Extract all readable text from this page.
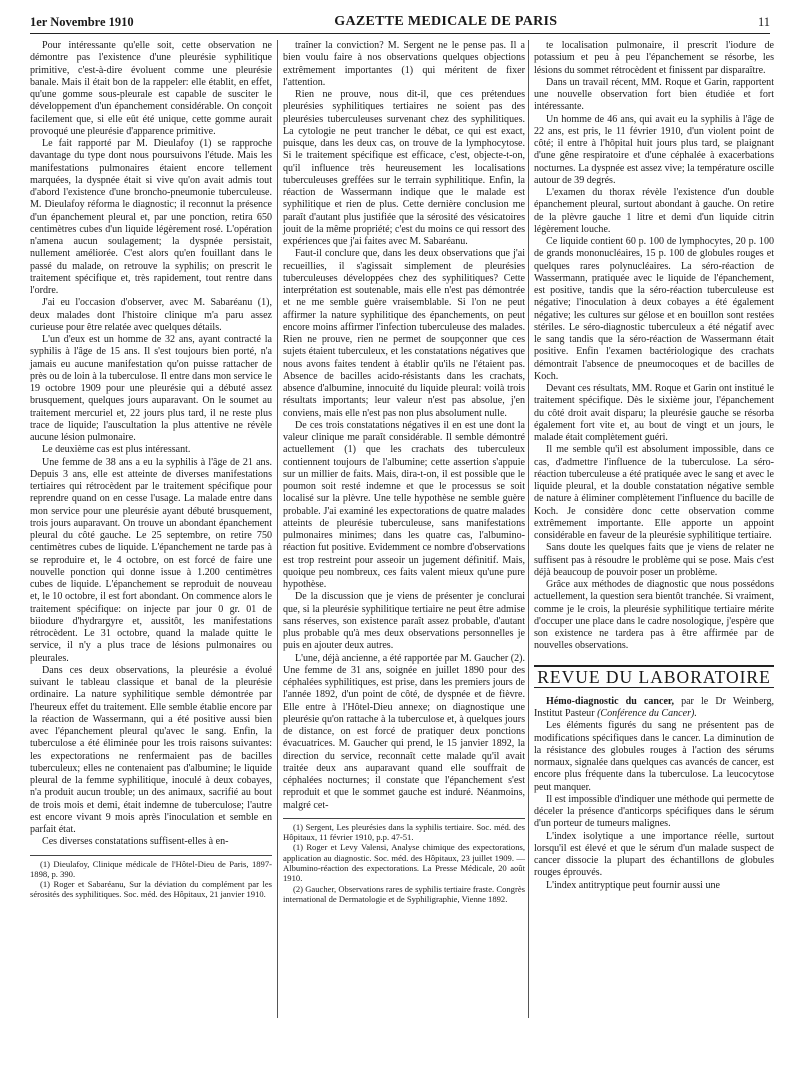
1er Novembre 1910	GAZETTE MEDICALE DE PARIS	11

Pour intéressante qu'elle soit, cette observation ne démontre pas l'existence d'une pleurésie syphilitique primitive, c'est-à-dire évoluent comme une pleurésie banale. Mais il était bon de la rappeler: elle établit, en effet, qu'une gomme sous-pleurale est capable de susciter le développement d'un épanchement considérable. On conçoit facilement que, si elle eût été unique, cette gomme aurait provoqué une pleurésie d'apparence primitive.

Le fait rapporté par M. Dieulafoy (1) se rapproche davantage du type dont nous poursuivons l'étude. Mais les manifestations pulmonaires étaient encore tellement marquées, la dyspnée était si vive qu'on avait admis tout d'abord l'existence d'une broncho-pneumonie tuberculeuse. M. Dieulafoy réforma le diagnostic; il reconnut la présence d'un épanchement pleural et, par une ponction, retira 650 centimètres cubes d'un liquide légèrement rosé. L'opération n'amena aucun soulagement; la dyspnée persistait, nullement améliorée. C'est alors qu'en fouillant dans le passé du malade, on retrouve la syphilis; on prescrit le traitement spécifique et, très rapidement, tout rentre dans l'ordre.

J'ai eu l'occasion d'observer, avec M. Sabaréanu (1), deux malades dont l'histoire clinique m'a paru assez curieuse pour être relatée avec quelques détails.

L'un d'eux est un homme de 32 ans, ayant contracté la syphilis à l'âge de 15 ans. Il s'est toujours bien porté, n'a jamais eu aucune manifestation qu'on puisse rattacher de près ou de loin à la tuberculose. Il entre dans mon service le 19 octobre 1909 pour une pleurésie qui a débuté assez brusquement, quelques jours auparavant. On le soumet au traitement mercuriel et, 22 jours plus tard, il ne reste plus trace de liquide; l'auscultation la plus attentive ne révèle aucune lésion pulmonaire.

Le deuxième cas est plus intéressant.

Une femme de 38 ans a eu la syphilis à l'âge de 21 ans. Depuis 3 ans, elle est atteinte de diverses manifestations tertiaires qui rétrocèdent par le traitement spécifique pour reprendre quand on en cesse l'usage. La malade entre dans mon service pour une pleurésie ayant débuté brusquement, trois jours auparavant. On trouve un abondant épanchement pleural du côté gauche. Le 25 septembre, on retire 750 centimètres cubes de liquide. L'épanchement ne tarde pas à se reproduire et, le 4 octobre, on est forcé de faire une nouvelle ponction qui donne issue à 1.200 centimètres cubes de liquide. L'épanchement se reproduit de nouveau et, le 10 octobre, il est fort abondant. On commence alors le traitement spécifique: on injecte par jour 0 gr. 01 de biiodure d'hydrargyre et, aussitôt, les manifestations rétrocèdent. Le 31 octobre, quand la malade quitte le service, il n'y a plus trace de lésions pulmonaires ou pleurales.

Dans ces deux observations, la pleurésie a évolué suivant le tableau classique et banal de la pleurésie ordinaire. La nature syphilitique semble démontrée par l'heureux effet du traitement. Elle semble établie encore par la réaction de Wassermann, qui a été positive aussi bien avec l'épanchement pleural qu'avec le sang. Enfin, la tuberculose a été éliminée pour les trois raisons suivantes: les expectorations ne renfermaient pas de bacilles tuberculeux; elles ne contenaient pas d'albumine; le liquide pleural de la femme syphilitique, inoculé à deux cobayes, n'a produit aucun trouble; un des animaux, sacrifié au bout de trois mois et demi, était indemne de tuberculose; l'autre est encore vivant 9 mois après l'inoculation et semble en parfait état.

Ces diverses constatations suffisent-elles à en-

(1) Dieulafoy, Clinique médicale de l'Hôtel-Dieu de Paris, 1897-1898, p. 390.

(1) Roger et Sabaréanu, Sur la déviation du complément par les sérosités des syphilitiques. Soc. méd. des Hôpitaux, 21 janvier 1910.

traîner la conviction? M. Sergent ne le pense pas. Il a bien voulu faire à nos observations quelques objections extrêmement importantes (1) qui méritent de fixer l'attention.

Rien ne prouve, nous dit-il, que ces prétendues pleurésies syphilitiques tertiaires ne soient pas des pleurésies tuberculeuses survenant chez des syphilitiques. La cytologie ne peut trancher le débat, ce qui est exact, puisque, dans les deux cas, on trouve de la lymphocytose. Si le traitement spécifique est efficace, c'est, objecte-t-on, qu'il influence très heureusement les localisations tuberculeuses greffées sur le terrain syphilitique. Enfin, la réaction de Wassermann indique que le malade est syphilitique et rien de plus. Cette dernière conclusion me paraît d'autant plus justifiée que la sérosité des vésicatoires jouit de la même propriété; c'est du moins ce qui ressort des expériences que j'ai faites avec M. Sabaréanu.

Faut-il conclure que, dans les deux observations que j'ai recueillies, il s'agissait simplement de pleurésies tuberculeuses développées chez des syphilitiques? Cette interprétation est soutenable, mais elle n'est pas démontrée et ne me semble guère vraisemblable. Si l'on ne peut affirmer la nature syphilitique des épanchements, on peut encore moins affirmer l'infection tuberculeuse des malades. Rien ne prouve, rien ne permet de soupçonner que ces sujets étaient tuberculeux, et les constatations négatives que nous avons faites tendent à établir qu'ils ne l'étaient pas. Absence de bacilles acido-résistants dans les crachats, absence d'albumine, innocuité du liquide pleural: voilà trois résultats importants; leur valeur n'est pas absolue, j'en conviens, mais elle n'est pas non plus absolument nulle.

De ces trois constatations négatives il en est une dont la valeur clinique me paraît considérable. Il semble démontré actuellement (1) que les crachats des tuberculeux contiennent toujours de l'albumine; cette assertion s'appuie sur un millier de faits. Mais, dira-t-on, il est possible que le poumon soit resté indemne et que le processus se soit localisé sur la plèvre. Une telle hypothèse ne semble guère probable. J'ai examiné les expectorations de quatre malades atteints de pleurésie tuberculeuse, sans manifestations pulmonaires minimes; dans les quatre cas, l'albumino-réaction fut positive. Evidemment ce nombre d'observations est trop restreint pour asseoir un jugement définitif. Mais, quoique peu nombreux, ces faits valent mieux qu'une pure hypothèse.

De la discussion que je viens de présenter je conclurai que, si la pleurésie syphilitique tertiaire ne peut être admise sans réserves, son existence paraît assez probable, d'autant plus probable qu'à mes deux observations personnelles je puis en ajouter deux autres.

L'une, déjà ancienne, a été rapportée par M. Gaucher (2). Une femme de 31 ans, soignée en juillet 1890 pour des céphalées syphilitiques, est prise, dans les premiers jours de l'année 1892, d'un point de côté, de dyspnée et de fièvre. Elle entre à l'Hôtel-Dieu annexe; on diagnostique une pleurésie qu'on rattache à la tuberculose et, à quelques jours de distance, on est forcé de pratiquer deux ponctions évacuatrices. M. Gaucher qui prend, le 15 janvier 1892, la direction du service, reconnaît cette malade qu'il avait traitée deux ans auparavant quand elle souffrait de céphalées nocturnes; il constate que l'épanchement s'est reproduit et que le sommet gauche est induré. Néanmoins, malgré cet-

(1) Sergent, Les pleurésies dans la syphilis tertiaire. Soc. méd. des Hôpitaux, 11 février 1910, p.p. 47-51.

(1) Roger et Levy Valensi, Analyse chimique des expectorations, application au diagnostic. Soc. méd. des Hôpitaux, 23 juillet 1909. — Albumino-réaction des expectorations. La Presse Médicale, 20 août 1910.

(2) Gaucher, Observations rares de syphilis tertiaire fraste. Congrès international de Dermatologie et de Syphiligraphie, Vienne 1892.

te localisation pulmonaire, il prescrit l'iodure de potassium et peu à peu l'épanchement se résorbe, les lésions du sommet rétrocèdent et finissent par disparaître.

Dans un travail récent, MM. Roque et Garin, rapportent une nouvelle observation fort bien étudiée et fort intéressante.

Un homme de 46 ans, qui avait eu la syphilis à l'âge de 22 ans, est pris, le 11 février 1910, d'un violent point de côté; il entre à l'hôpital huit jours plus tard, se plaignant d'une gêne respiratoire et d'une céphalée à exacerbations nocturnes. La dyspnée est assez vive; la température oscille autour de 39 degrés.

L'examen du thorax révèle l'existence d'un double épanchement pleural, surtout abondant à gauche. On retire de la plèvre gauche 1 litre et demi d'un liquide citrin légèrement louche.

Ce liquide contient 60 p. 100 de lymphocytes, 20 p. 100 de grands mononucléaires, 15 p. 100 de globules rouges et quelques rares polynucléaires. La séro-réaction de Wassermann, pratiquée avec le liquide de l'épanchement, est positive, tandis que la séro-réaction tuberculeuse est négative; l'inoculation à deux cobayes a été également négative; les cultures sur gélose et en bouillon sont restées stériles. Le séro-diagnostic tuberculeux a été négatif avec le sang tandis que la séro-réaction de Wassermann était positive. Enfin l'examen bactériologique des crachats démontrait l'absence de pneumocoques et de bacilles de Koch.

Devant ces résultats, MM. Roque et Garin ont institué le traitement spécifique. Dès le sixième jour, l'épanchement du côté droit avait disparu; la pleurésie gauche se résorba également fort vite et, au bout de vingt et un jours, le malade était complètement guéri.

Il me semble qu'il est absolument impossible, dans ce cas, d'admettre l'influence de la tuberculose. La séro-réaction tuberculeuse a été pratiquée avec le sang et avec le liquide pleural, et la double constatation négative semble de nature à éliminer complètement l'influence du bacille de Koch. Je considère donc cette observation comme extrêmement importante. Elle apporte un appoint considérable en faveur de la pleurésie syphilitique tertiaire.

Sans doute les quelques faits que je viens de relater ne suffisent pas à résoudre le problème qui se pose. Mais c'est déjà beaucoup de pouvoir poser un problème.

Grâce aux méthodes de diagnostic que nous possédons actuellement, la question sera bientôt tranchée. Si vraiment, comme je le crois, la pleurésie syphilitique tertiaire mérite d'occuper une place dans le cadre nosologique, j'espère que son existence ne tardera pas à être affirmée par de nouvelles observations.

REVUE DU LABORATOIRE

Hémo-diagnostic du cancer, par le Dr Weinberg, Institut Pasteur (Conférence du Cancer).

Les éléments figurés du sang ne présentent pas de modifications spécifiques dans le cancer. La diminution de la résistance des globules rouges à l'action des sérums normaux, signalée dans quelques cas avancés de cancer, est encore plus fréquente dans la tuberculose. La leucocytose peut manquer.

Il est impossible d'indiquer une méthode qui permette de déceler la présence d'anticorps spécifiques dans le sérum d'un porteur de tumeurs malignes.

L'index isolytique a une importance réelle, surtout lorsqu'il est élevé et que le sérum d'un malade suspect de cancer dissocie la plupart des échantillons de globules rouges éprouvés.

L'index antitryptique peut fournir aussi une
